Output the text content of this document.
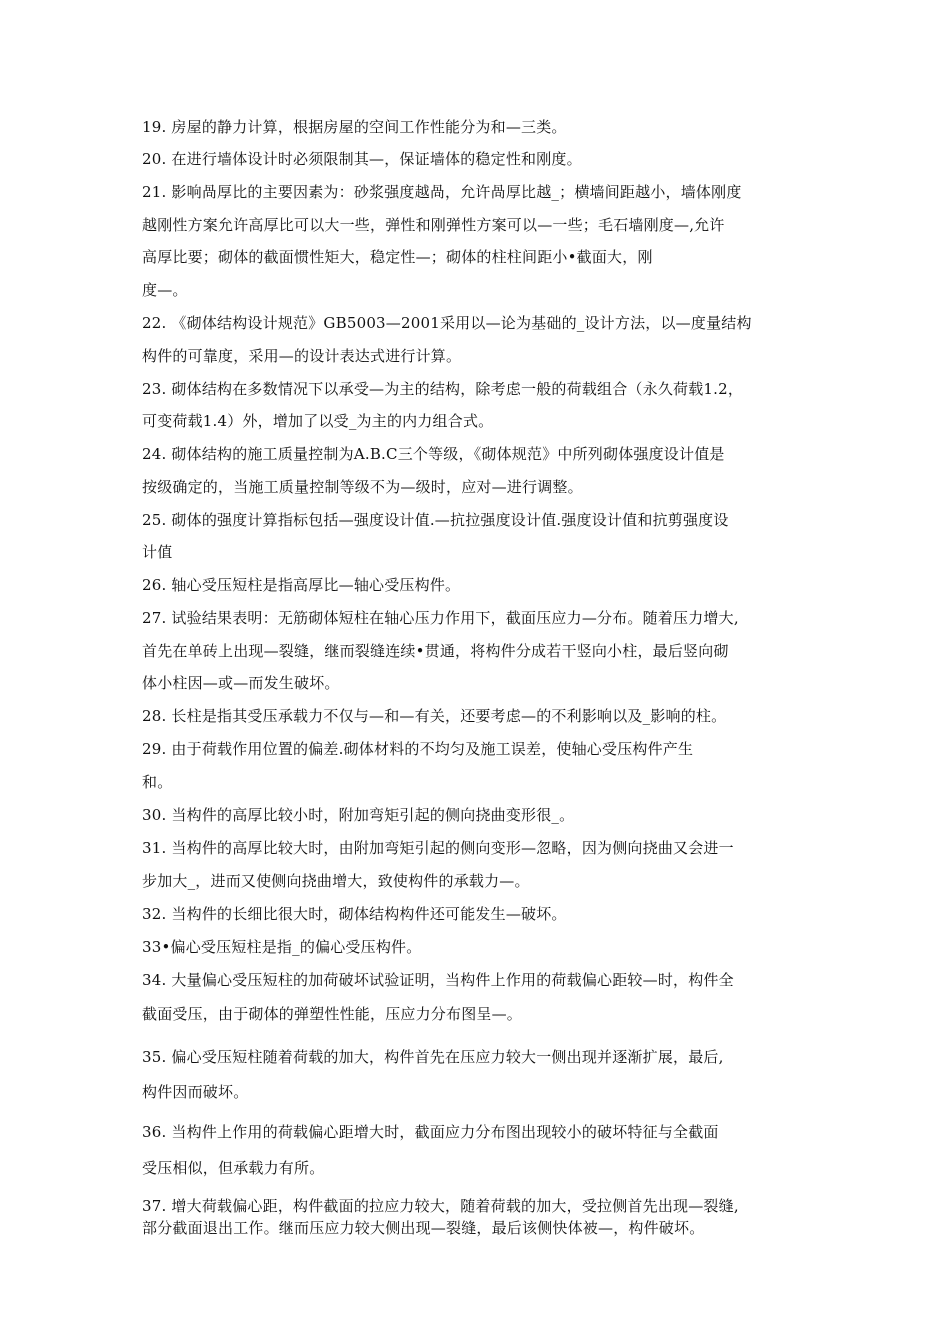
19. 房屋的静力计算，根据房屋的空间工作性能分为和—三类。

20. 在进行墙体设计时必须限制其—，保证墙体的稳定性和刚度。

21. 影响咼厚比的主要因素为：砂浆强度越咼，允许咼厚比越_；横墙间距越小，墙体刚度

越刚性方案允许高厚比可以大一些，弹性和刚弹性方案可以—一些；毛石墙刚度—,允许

高厚比要；砌体的截面惯性矩大，稳定性—；砌体的柱柱间距小•截面大，刚

度—。

22. 《砌体结构设计规范》GB5003—2001采用以—论为基础的_设计方法，以—度量结构

构件的可靠度，采用—的设计表达式进行计算。

23. 砌体结构在多数情况下以承受—为主的结构，除考虑一般的荷载组合（永久荷载1.2，

可变荷载1.4）外，增加了以受_为主的内力组合式。

24. 砌体结构的施工质量控制为A.B.C三个等级，《砌体规范》中所列砌体强度设计值是

按级确定的，当施工质量控制等级不为—级时，应对—进行调整。

25. 砌体的强度计算指标包括—强度设计值.—抗拉强度设计值.强度设计值和抗剪强度设

计值

26. 轴心受压短柱是指高厚比—轴心受压构件。

27. 试验结果表明：无筋砌体短柱在轴心压力作用下，截面压应力—分布。随着压力增大,

首先在单砖上出现—裂缝，继而裂缝连续•贯通，将构件分成若干竖向小柱，最后竖向砌

体小柱因—或—而发生破坏。

28. 长柱是指其受压承载力不仅与—和—有关，还要考虑—的不利影响以及_影响的柱。

29. 由于荷载作用位置的偏差.砌体材料的不均匀及施工误差，使轴心受压构件产生

和。

30. 当构件的高厚比较小时，附加弯矩引起的侧向挠曲变形很_。

31. 当构件的高厚比较大时，由附加弯矩引起的侧向变形—忽略，因为侧向挠曲又会进一

步加大_，进而又使侧向挠曲增大，致使构件的承载力—。

32. 当构件的长细比很大时，砌体结构构件还可能发生—破坏。

33•偏心受压短柱是指_的偏心受压构件。

34. 大量偏心受压短柱的加荷破坏试验证明，当构件上作用的荷载偏心距较—时，构件全

截面受压，由于砌体的弹塑性性能，压应力分布图呈—。

35. 偏心受压短柱随着荷载的加大，构件首先在压应力较大一侧出现并逐渐扩展，最后,

构件因而破坏。

36. 当构件上作用的荷载偏心距增大时，截面应力分布图出现较小的破坏特征与全截面

受压相似，但承载力有所。

37. 增大荷载偏心距，构件截面的拉应力较大，随着荷载的加大，受拉侧首先出现—裂缝,

部分截面退出工作。继而压应力较大侧出现—裂缝，最后该侧快体被—，构件破坏。
